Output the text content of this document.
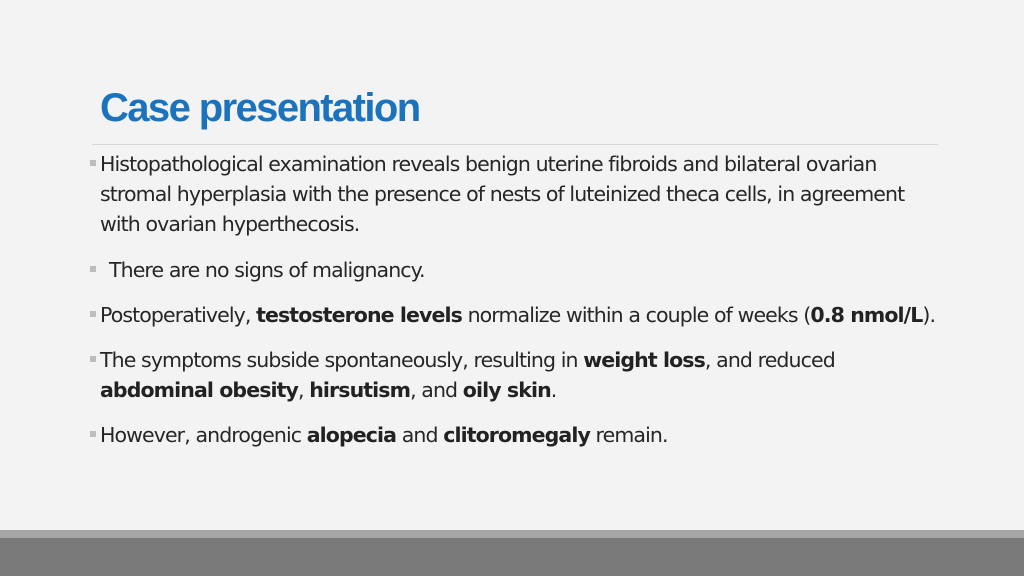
Case presentation
Histopathological examination reveals benign uterine fibroids and bilateral ovarian stromal hyperplasia with the presence of nests of luteinized theca cells, in agreement with ovarian hyperthecosis.
There are no signs of malignancy.
Postoperatively, testosterone levels normalize within a couple of weeks (0.8 nmol/L).
The symptoms subside spontaneously, resulting in weight loss, and reduced abdominal obesity, hirsutism, and oily skin.
However, androgenic alopecia and clitoromegaly remain.
